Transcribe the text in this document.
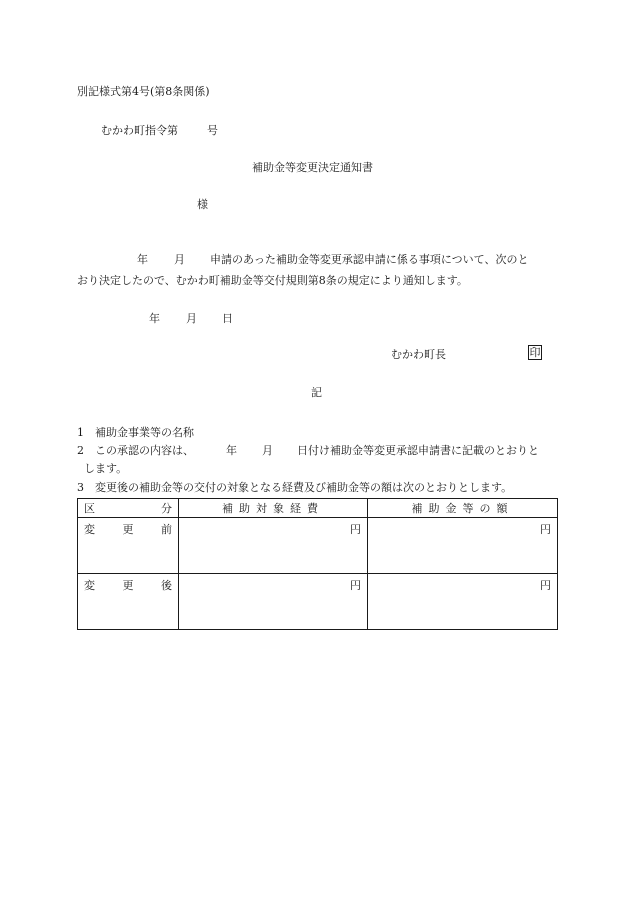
別記様式第4号(第8条関係)
むかわ町指令第	号
補助金等変更決定通知書
様
年 月 申請のあった補助金等変更承認申請に係る事項について、次のと
おり決定したので、むかわ町補助金等交付規則第8条の規定により通知します。
年 月 日
むかわ町長	印
記
1 補助金事業等の名称
2 この承認の内容は、	年 月 日付け補助金等変更承認申請書に記載のとおりと
します。
3 変更後の補助金等の交付の対象となる経費及び補助金等の額は次のとおりとします。
区 分	補助対象経費	補助金等の額

変 更 前	円	円

変 更 後	円	円
